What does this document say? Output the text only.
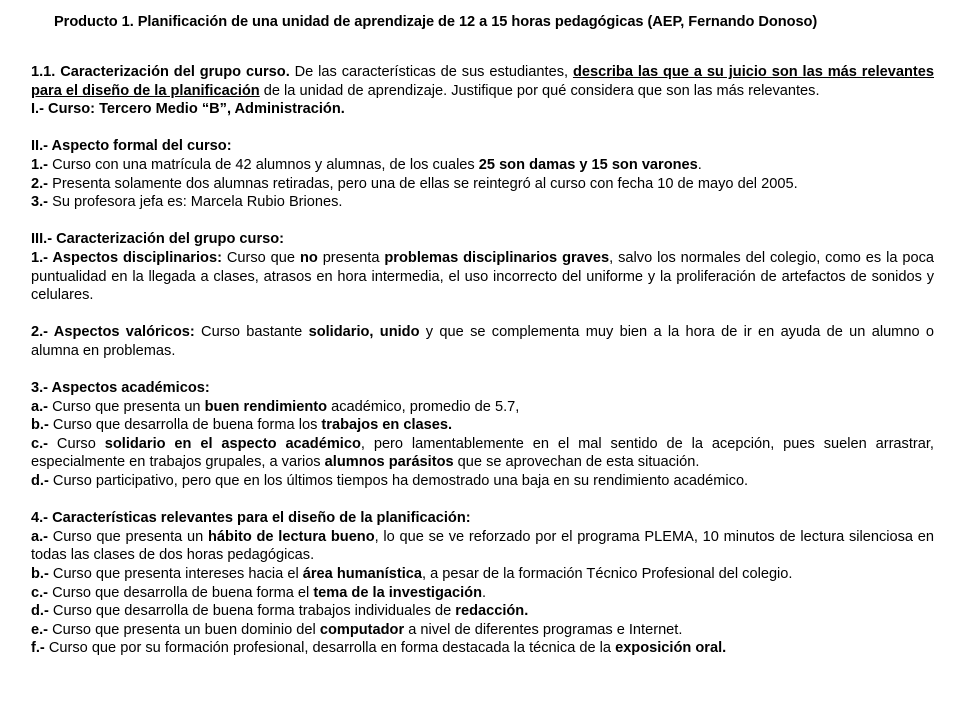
Producto 1. Planificación de una unidad de aprendizaje de 12 a 15 horas pedagógicas (AEP, Fernando Donoso)

1.1. Caracterización del grupo curso. De las características de sus estudiantes, describa las que a su juicio son las más relevantes para el diseño de la planificación de la unidad de aprendizaje. Justifique por qué considera que son las más relevantes.

I.- Curso: Tercero Medio “B”, Administración.

II.- Aspecto formal del curso:

1.- Curso con una matrícula de 42 alumnos y alumnas, de los cuales 25 son damas y 15 son varones.

2.- Presenta solamente dos alumnas retiradas, pero una de ellas se reintegró al curso con fecha 10 de mayo del 2005.

3.- Su profesora jefa es: Marcela Rubio Briones.

III.- Caracterización del grupo curso:

1.- Aspectos disciplinarios: Curso que no presenta problemas disciplinarios graves, salvo los normales del colegio, como es la poca puntualidad en la llegada a clases, atrasos en hora intermedia, el uso incorrecto del uniforme y la proliferación de artefactos de sonidos y celulares.

2.- Aspectos valóricos: Curso bastante solidario, unido y que se complementa muy bien a la hora de ir en ayuda de un alumno o alumna en problemas.

3.- Aspectos académicos:

a.- Curso que presenta un buen rendimiento académico, promedio de 5.7,

b.- Curso que desarrolla de buena forma los trabajos en clases.

c.- Curso solidario en el aspecto académico, pero lamentablemente en el mal sentido de la acepción, pues suelen arrastrar, especialmente en trabajos grupales, a varios alumnos parásitos que se aprovechan de esta situación.

d.- Curso participativo, pero que en los últimos tiempos ha demostrado una baja en su rendimiento académico.

4.- Características relevantes para el diseño de la planificación:

a.- Curso que presenta un hábito de lectura bueno, lo que se ve reforzado por el programa PLEMA, 10 minutos de lectura silenciosa en todas las clases de dos horas pedagógicas.

b.- Curso que presenta intereses hacia el área humanística, a pesar de la formación Técnico Profesional del colegio.

c.- Curso que desarrolla de buena forma el tema de la investigación.

d.- Curso que desarrolla de buena forma trabajos individuales de redacción.

e.- Curso que presenta un buen dominio del computador a nivel de diferentes programas e Internet.

f.- Curso que por su formación profesional, desarrolla en forma destacada la técnica de la exposición oral.
